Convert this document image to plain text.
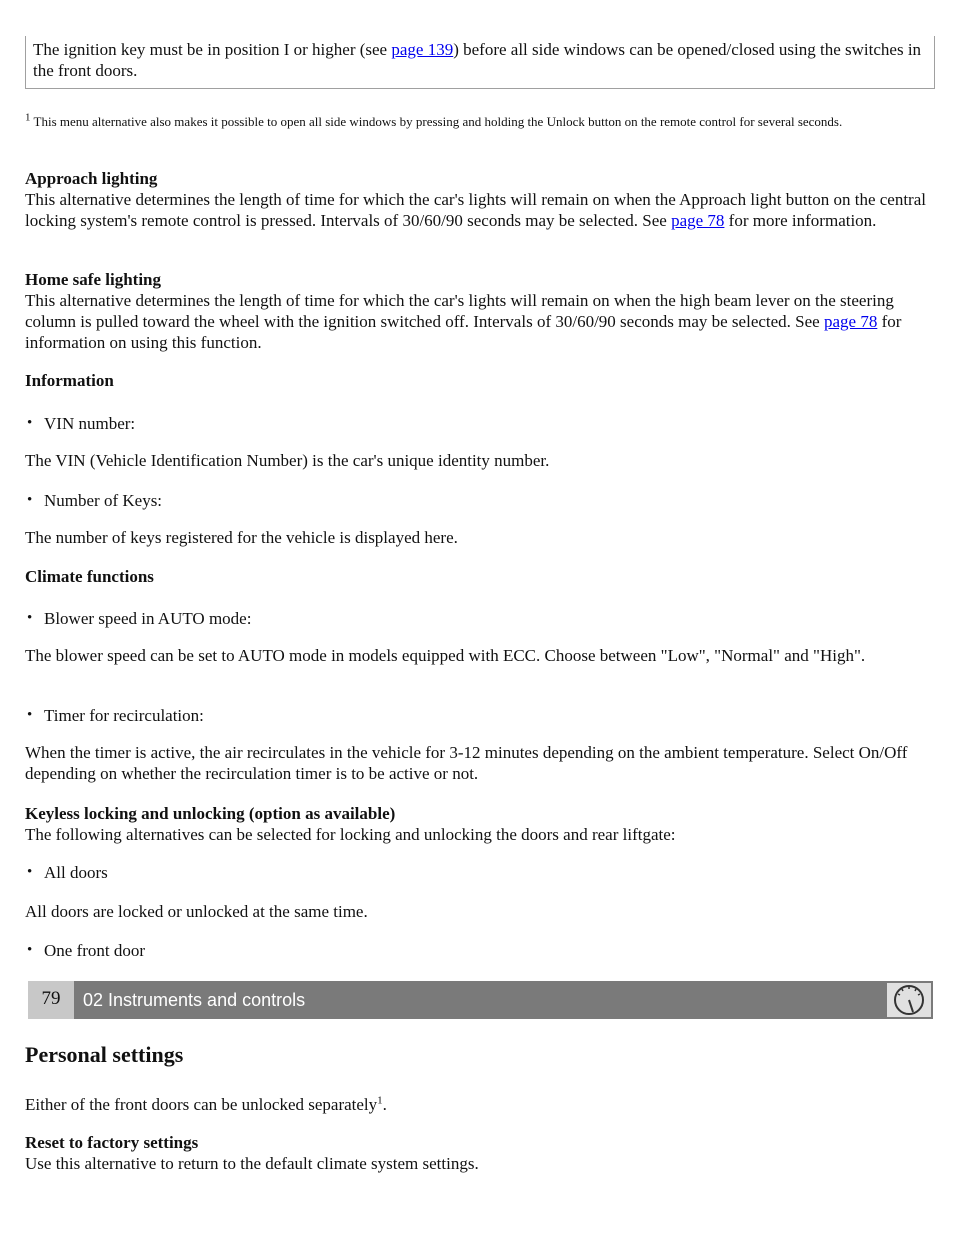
The ignition key must be in position I or higher (see page 139) before all side windows can be opened/closed using the switches in the front doors.

$^1$ This menu alternative also makes it possible to open all side windows by pressing and holding the Unlock button on the remote control for several seconds.

Approach lighting
This alternative determines the length of time for which the car's lights will remain on when the Approach light button on the central locking system's remote control is pressed. Intervals of 30/60/90 seconds may be selected. See page 78 for more information.

Home safe lighting
This alternative determines the length of time for which the car's lights will remain on when the high beam lever on the steering column is pulled toward the wheel with the ignition switched off. Intervals of 30/60/90 seconds may be selected. See page 78 for information on using this function.

Information

• VIN number:

The VIN (Vehicle Identification Number) is the car's unique identity number.

• Number of Keys:

The number of keys registered for the vehicle is displayed here.

Climate functions

• Blower speed in AUTO mode:

The blower speed can be set to AUTO mode in models equipped with ECC. Choose between "Low", "Normal" and "High".

• Timer for recirculation:

When the timer is active, the air recirculates in the vehicle for 3-12 minutes depending on the ambient temperature. Select On/Off depending on whether the recirculation timer is to be active or not.

Keyless locking and unlocking (option as available)
The following alternatives can be selected for locking and unlocking the doors and rear liftgate:

• All doors

All doors are locked or unlocked at the same time.

• One front door

Personal settings

Either of the front doors can be unlocked separately$^1$.

Reset to factory settings
Use this alternative to return to the default climate system settings.

79	02 Instruments and controls
